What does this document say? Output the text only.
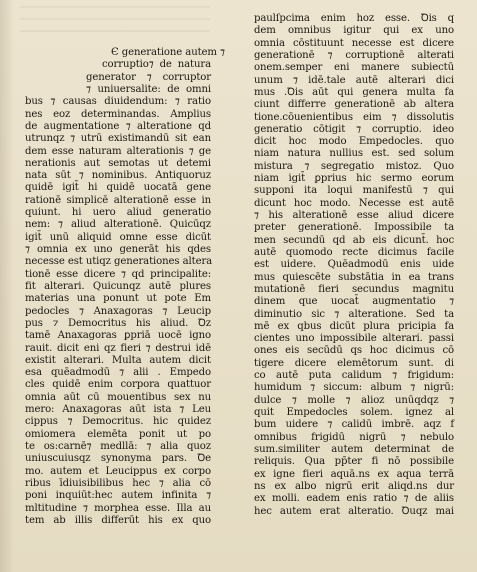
Є generatione autem ⁊
corruptio⁊ de natura
generator ⁊ corruptor
⁊ uniuersalite: de omni
bus ⁊ causas diuidendum: ⁊ ratio
nes eoz determinandas. Amplius
de augmentatione ⁊ alteratione qd
utrunqz ⁊ utrū existimandū sit ean
dem esse naturam alterationis ⁊ ge
nerationis aut semotas ut detemi
nata sūt ⁊ nominibus. Antiquoruz
quidē igit̄ hi quidē uocatā gene
rationē simplicē alterationē esse in
quiunt. hi uero aliud generatio
nem: ⁊ aliud alterationē. Quicūqz
igit̄ unū aliquid omne esse dicūt
⁊ omnia ex uno generāt his qdes
necesse est utiqz generationes altera
tionē esse dicere ⁊ qd principalite:
fit alterari. Quicunqz autē plures
materias una ponunt ut pote Em
pedocles ⁊ Anaxagoras ⁊ Leucip
pus ⁊ Democritus his aliud. Ꝺz
tamē Anaxagoras ꝑpriā uocē igno
rauit. dicit eni qz fieri ⁊ destrui idē
existit alterari. Multa autem dicit
esa quēadmodū ⁊ alii . Empedo
cles quidē enim corpora quattuor
omnia aūt cū mouentibus sex nu
mero: Anaxagoras aūt ista ⁊ Leu
cippus ⁊ Democritus. hic quidez
omiomera elemēta ponit ut po
te os:carnē⁊ medllā: ⁊ alia quoz
uniuscuiusqz synonyma pars. Ꝺe
mo. autem et Leucippus ex corpo
ribus īdiuisibilibus hec ⁊ alia cō
poni inquiūt:hec autem infinita ⁊
mltitudine ⁊ morphea esse. Illa au
tem ab illis differūt his ex quo
paulſpcima enim hoz esse. Ꝺis q
dem omnibus igitur qui ex uno
omnia cōstituunt necesse est dicere
generationē ⁊ corruptionē alterati
onem.semper eni manere subiectū
unum ⁊ idē.tale autē alterari dici
mus .Ꝺis aūt qui genera multa fa
ciunt differre generationē ab altera
tione.cōuenientibus eim ⁊ dissolutis
generatio cōtigit ⁊ corruptio. ideo
dicit hoc modo Empedocles. quo
niam natura nullius est. sed solum
mistura ⁊ segregatio mistoz. Quo
niam igit̄ ꝑprius hic sermo eorum
supponi ita loqui manifestū ⁊ qui
dicunt hoc modo. Necesse est autē
⁊ his alterationē esse aliud dicere
preter generationē. Impossibile ta
men secundū qd ab eis dicunt̄. hoc
autē quomodo recte dicimus facile
est uidere. Quēadmodū enis uide
mus quiescēte substātia in ea trans
mutationē fieri secundus magnitu
dinem que uocat̄ augmentatio ⁊
diminutio sic ⁊ alteratione. Sed ta
mē ex qbus dicūt plura pricipia fa
cientes uno impossibile alterari. passi
ones eis secūdū qs hoc dicimus cō
tigere dicere elemētorum sunt. di
co autē puta calidum ⁊ frigidum:
humidum ⁊ siccum: album ⁊ nigrū:
dulce ⁊ molle ⁊ alioz unūqdqz ⁊
quit Empedocles solem. ignez al
bum uidere ⁊ calidū imbrē. aqz f
omnibus frigidū nigrū ⁊ nebulo
sum.similiter autem determinat de
reliquis. Qua pp̄ter fi nō possibile
ex igne fieri aquā.ns ex aqua terrā
ns ex albo nigrū erit aliqd.ns dur
ex molli. eadem enis ratio ⁊ de aliis
hec autem erat alteratio. Ꝺuqz mai
